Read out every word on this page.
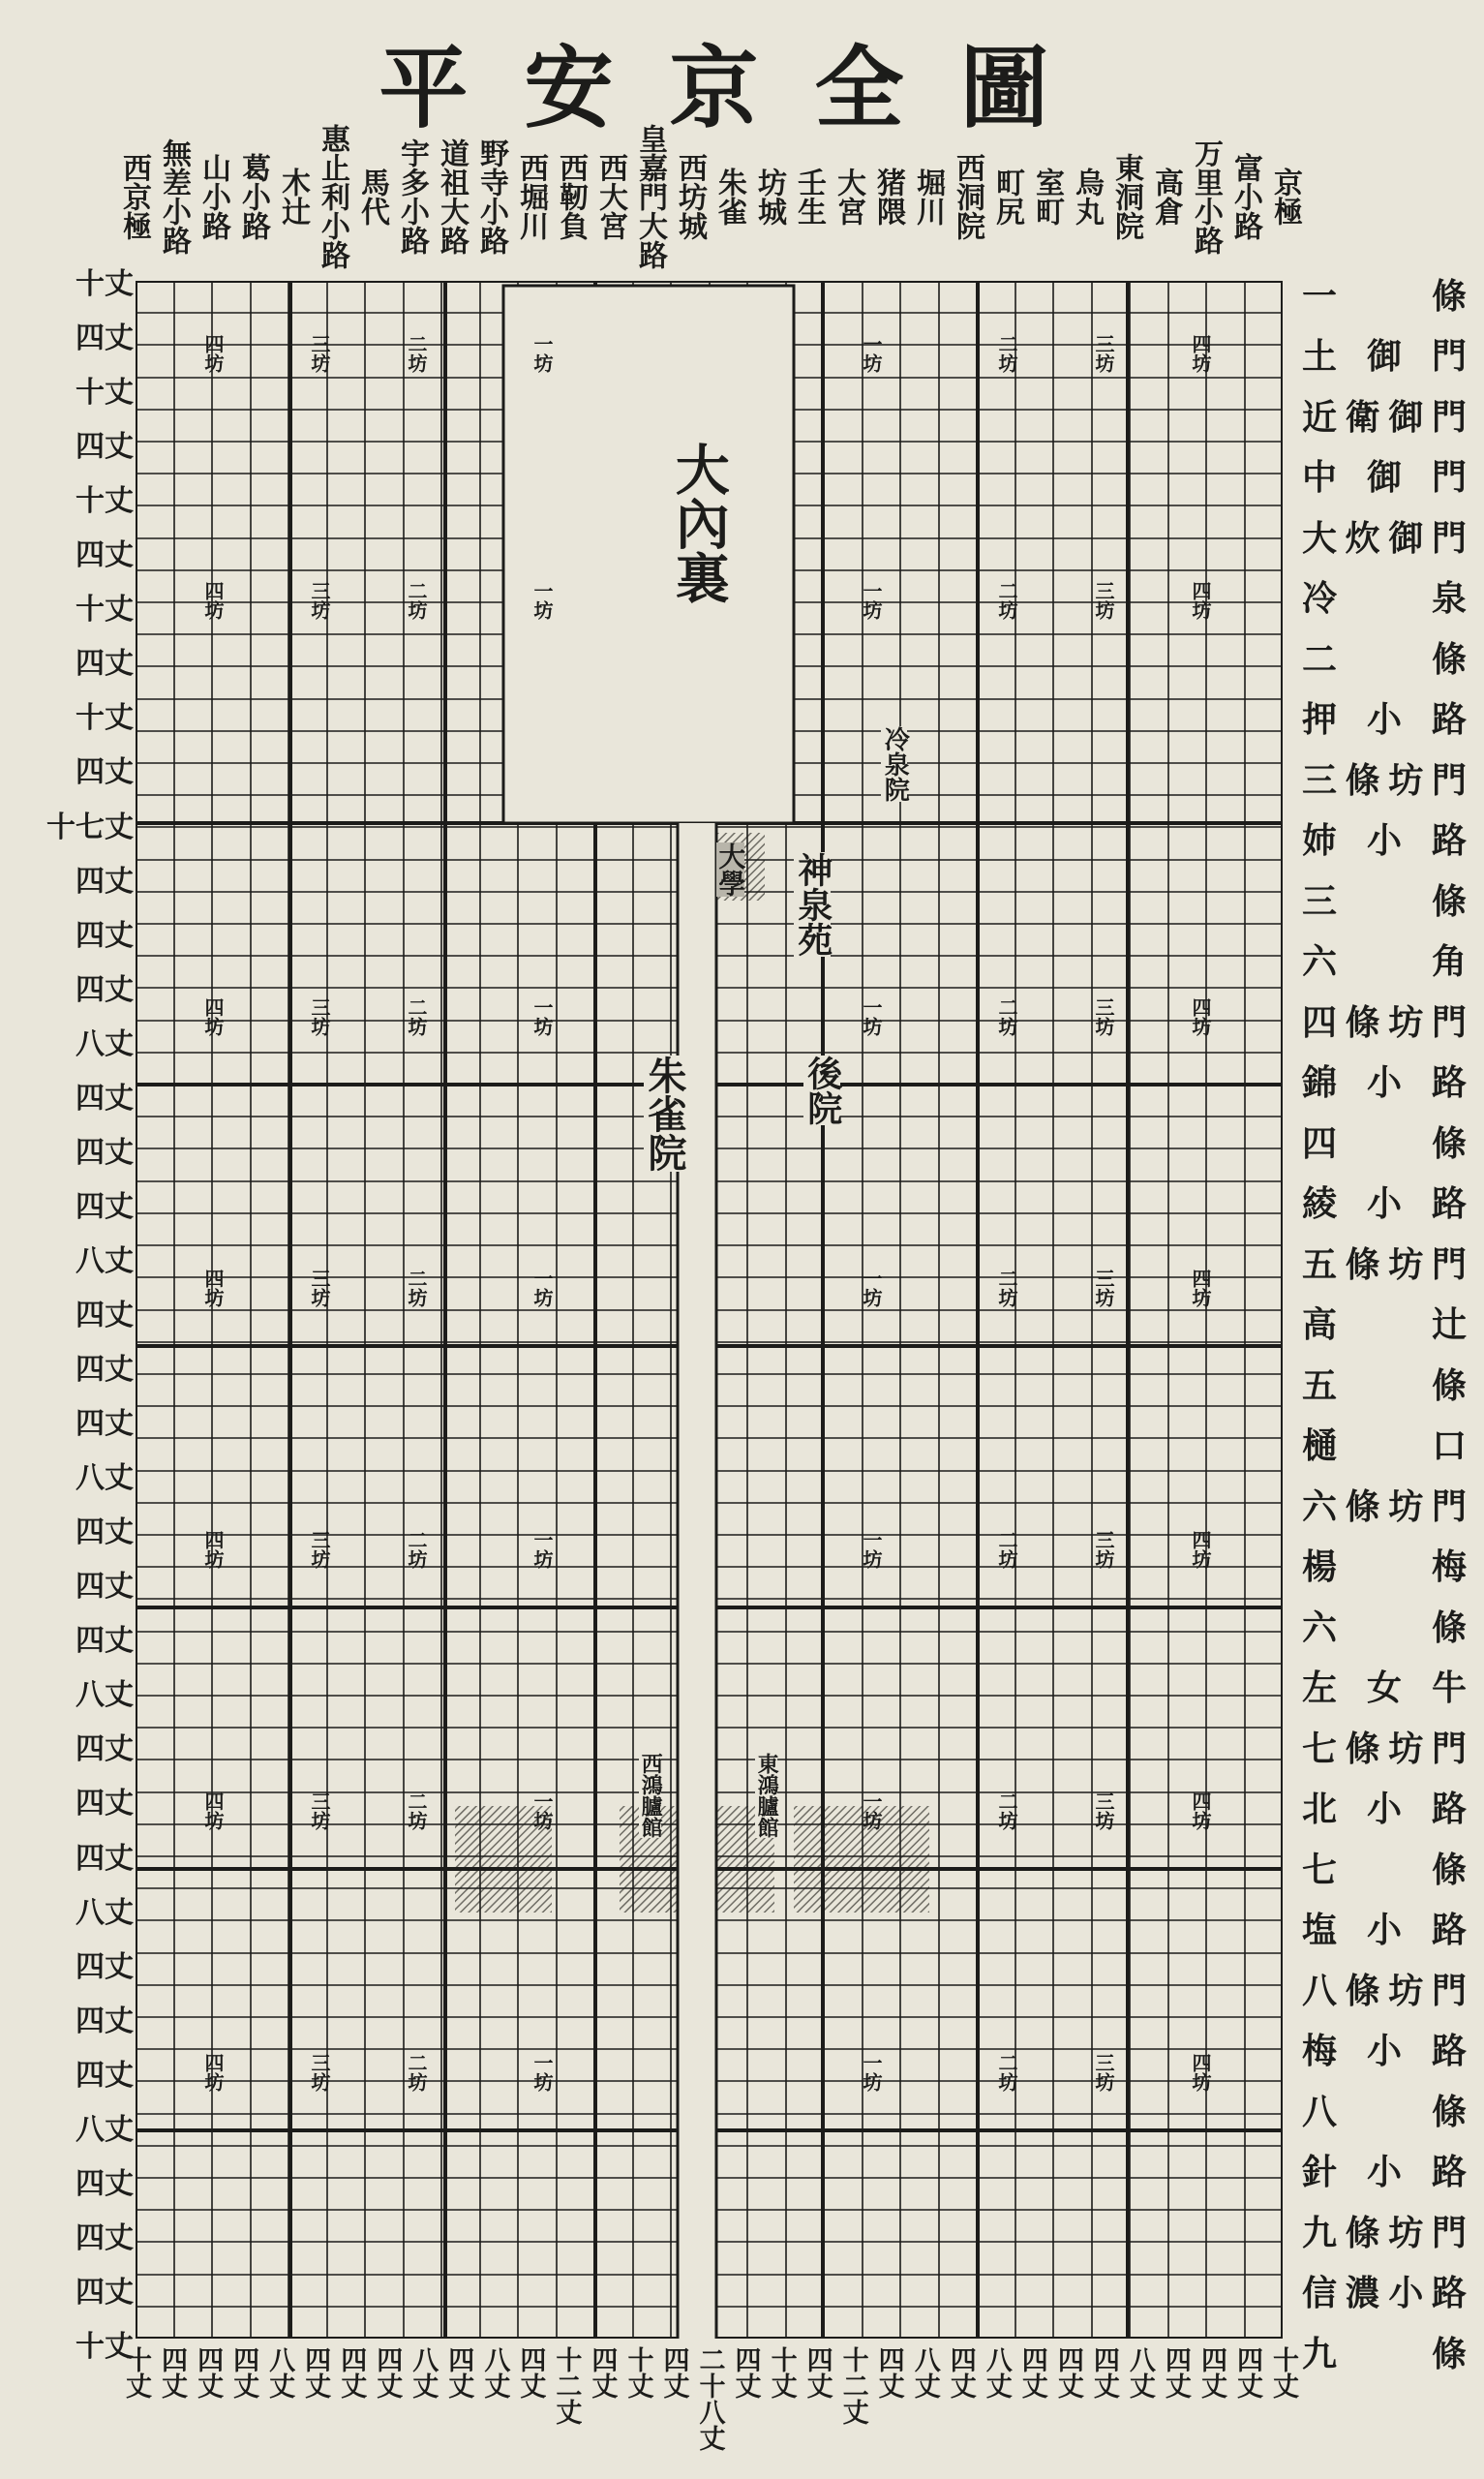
平安京全圖
西京極 無差小路 山小路 葛小路 木辻 惠止利小路 馬代 宇多小路 道祖大路 野寺小路 西堀川 西靭負 西大宮 皇嘉門大路 西坊城 朱雀 坊城 壬生 大宮 猪隈 堀川 西洞院 町尻 室町 烏丸 東洞院 高倉 万里小路 富小路 京極
一	條
土 御 門
近 衛 御 門
中 御 門
大 炊 御 門
冷	泉
二	條
押 小 路
三 條 坊 門
姉 小 路
三	條
六	角
四 條 坊 門
錦 小 路
四	條
綾 小 路
五 條 坊 門
高	辻
五	條
樋	口
六 條 坊 門
楊	梅
六	條
左 女 牛
七 條 坊 門
北 小 路
七	條
塩 小 路
八 條 坊 門
梅 小 路
八	條
針 小 路
九 條 坊 門
信 濃 小 路
九	條
十丈
四丈
十丈
四丈
十丈
四丈
十丈
四丈
十丈
四丈
十七丈
四丈
四丈
四丈
八丈
四丈
四丈
四丈
八丈
四丈
四丈
四丈
八丈
四丈
四丈
四丈
八丈
四丈
四丈
四丈
八丈
四丈
四丈
四丈
八丈
四丈
四丈
四丈
十丈
十丈 四丈 四丈 四丈 八丈 四丈 四丈 四丈 八丈 四丈 八丈 四丈 十二丈 四丈 十丈 四丈 二十八丈 四丈 十丈 四丈 十二丈 四丈 八丈 四丈 八丈 四丈 四丈 四丈 八丈 四丈 四丈 四丈 十丈
大內裏
神泉苑
朱雀院	後院
冷泉院
大學
西鴻臚館	東鴻臚館
四坊	三坊	二坊	一坊	一坊	二坊	三坊	四坊
四坊	三坊	二坊	一坊	一坊	二坊	三坊	四坊
四坊	三坊	二坊	一坊	一坊	二坊	三坊	四坊
四坊	三坊	二坊	一坊	一坊	二坊	三坊	四坊
四坊	三坊	二坊	一坊	一坊	二坊	三坊	四坊
四坊	三坊	二坊	一坊	一坊	二坊	三坊	四坊
四坊	三坊	二坊	一坊	一坊	二坊	三坊	四坊
